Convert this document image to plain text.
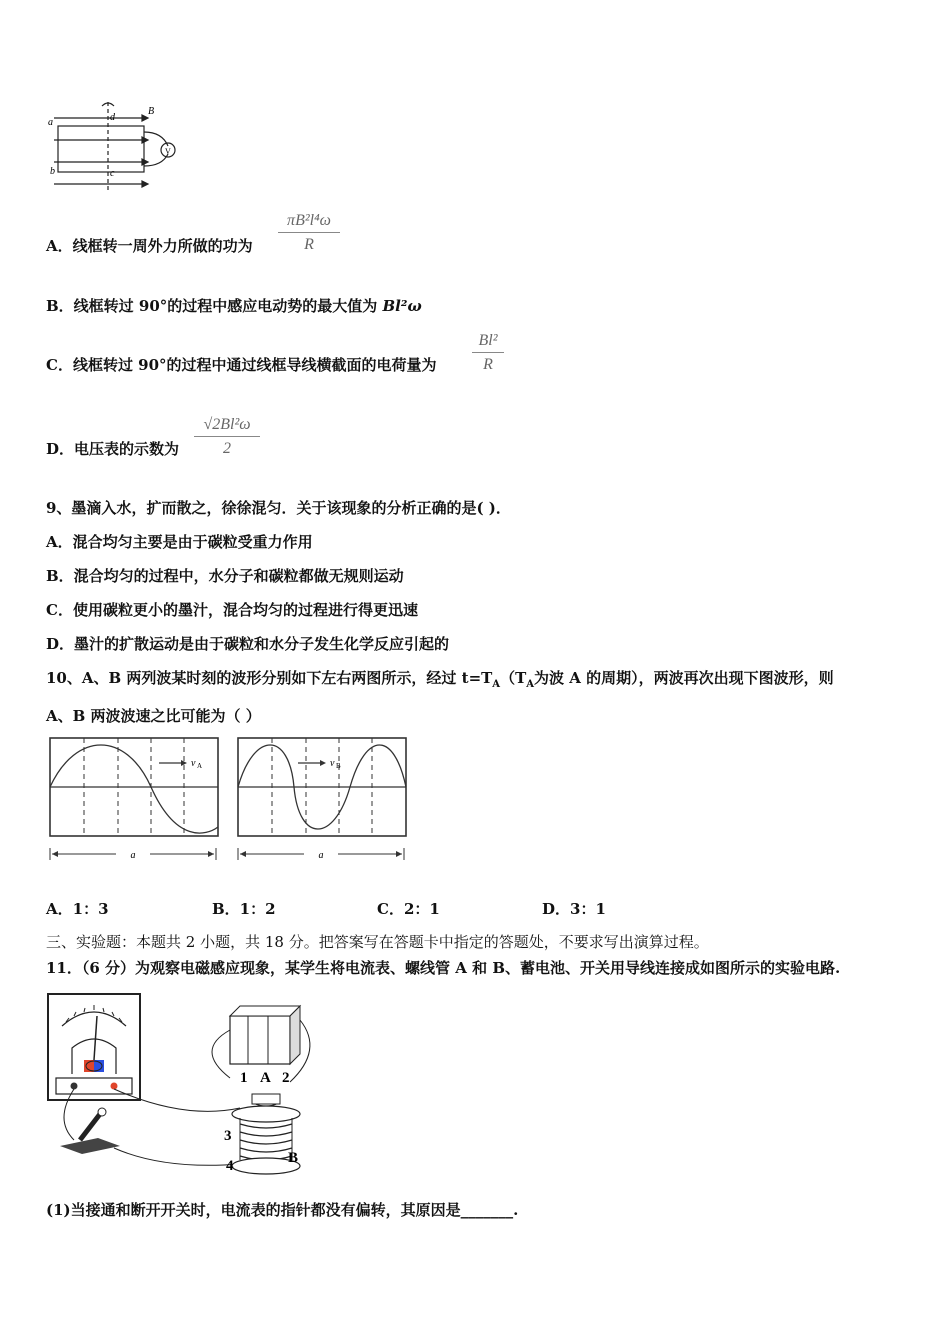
a
b	c
d
B
V
A．线框转一周外力所做的功为
πB²l⁴ω
R
B．线框转过 90°的过程中感应电动势的最大值为 Bl²ω
C．线框转过 90°的过程中通过线框导线横截面的电荷量为
Bl²
R
D．电压表的示数为
√2Bl²ω
2
9、墨滴入水，扩而散之，徐徐混匀．关于该现象的分析正确的是( )．
A．混合均匀主要是由于碳粒受重力作用
B．混合均匀的过程中，水分子和碳粒都做无规则运动
C．使用碳粒更小的墨汁，混合均匀的过程进行得更迅速
D．墨汁的扩散运动是由于碳粒和水分子发生化学反应引起的
10、A、B 两列波某时刻的波形分别如下左右两图所示，经过 $t=T_A(T_A$为波 A 的周期），两波再次出现下图波形，则
A、B 两波波速之比可能为（ ）
v A
a
v B
a
A．1：3	B．1：2	C．2：1	D．3：1
三、实验题：本题共 2 小题，共 18 分。把答案写在答题卡中指定的答题处，不要求写出演算过程。
11．（6 分）为观察电磁感应现象，某学生将电流表、螺线管 A 和 B、蓄电池、开关用导线连接成如图所示的实验电路.
1 A 2
3
4	B
(1)当接通和断开开关时，电流表的指针都没有偏转，其原因是_______.
